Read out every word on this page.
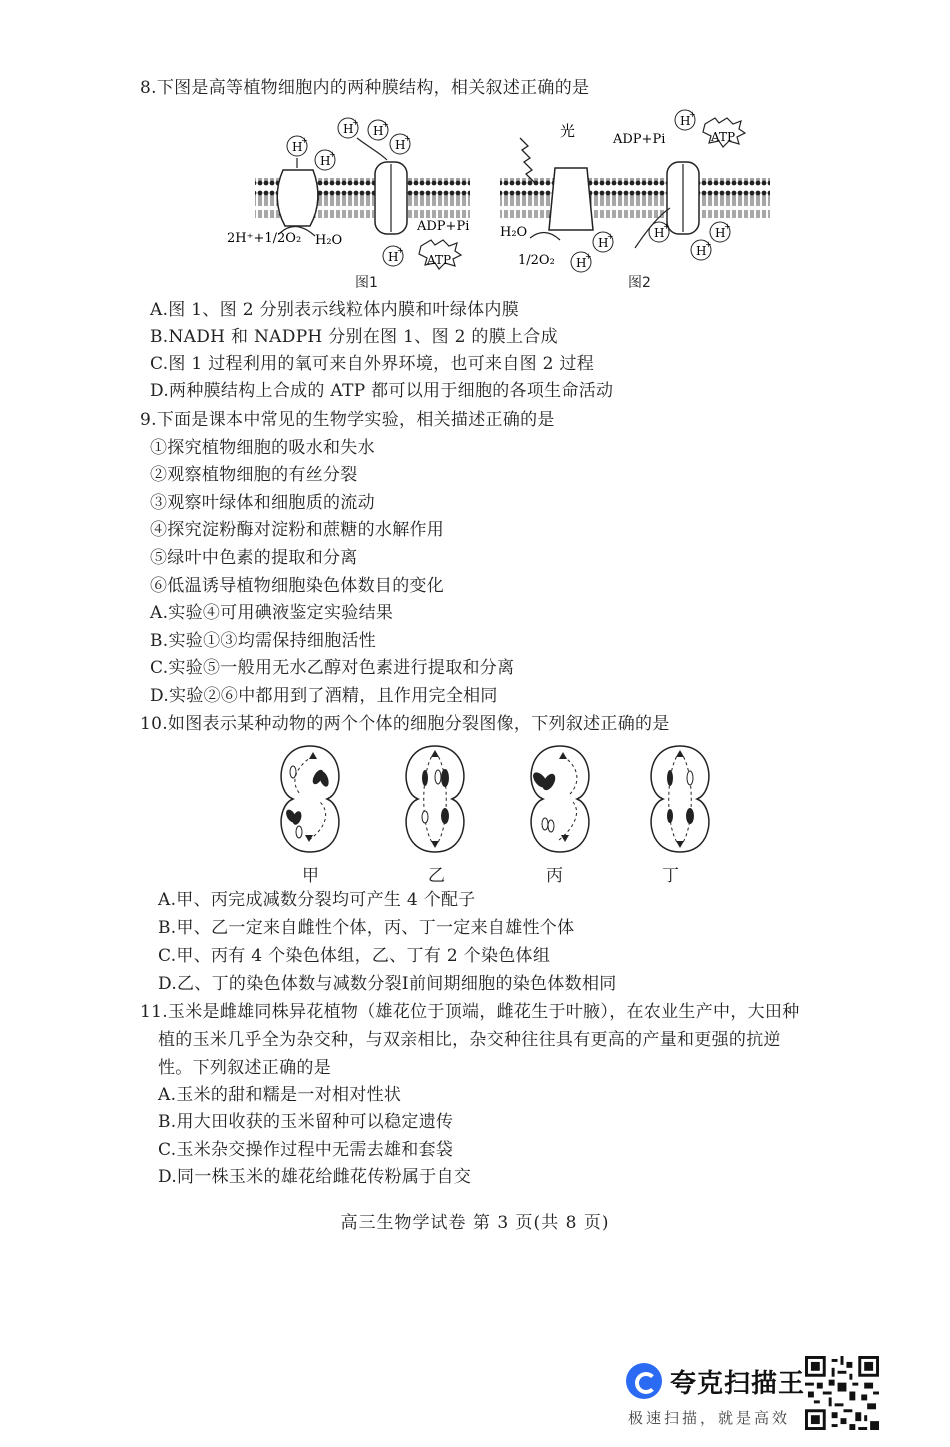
8.下图是高等植物细胞内的两种膜结构，相关叙述正确的是
H
+
H
+
H
+
H
+
H
+
H
+
2H⁺+1/2O₂ H₂O
ADP+Pi
ATP
光	ADP+Pi	ATP
H
+
H
+
H
+
H
+
H
+
H
+
H₂O
1/2O₂
图1	图2
A.图 1、图 2 分别表示线粒体内膜和叶绿体内膜
B.NADH 和 NADPH 分别在图 1、图 2 的膜上合成
C.图 1 过程利用的氧可来自外界环境，也可来自图 2 过程
D.两种膜结构上合成的 ATP 都可以用于细胞的各项生命活动
9.下面是课本中常见的生物学实验，相关描述正确的是
①探究植物细胞的吸水和失水
②观察植物细胞的有丝分裂
③观察叶绿体和细胞质的流动
④探究淀粉酶对淀粉和蔗糖的水解作用
⑤绿叶中色素的提取和分离
⑥低温诱导植物细胞染色体数目的变化
A.实验④可用碘液鉴定实验结果
B.实验①③均需保持细胞活性
C.实验⑤一般用无水乙醇对色素进行提取和分离
D.实验②⑥中都用到了酒精，且作用完全相同
10.如图表示某种动物的两个个体的细胞分裂图像，下列叙述正确的是
甲	乙	丙	丁
A.甲、丙完成减数分裂均可产生 4 个配子
B.甲、乙一定来自雌性个体，丙、丁一定来自雄性个体
C.甲、丙有 4 个染色体组，乙、丁有 2 个染色体组
D.乙、丁的染色体数与减数分裂Ⅰ前间期细胞的染色体数相同
11.玉米是雌雄同株异花植物（雄花位于顶端，雌花生于叶腋），在农业生产中，大田种
植的玉米几乎全为杂交种，与双亲相比，杂交种往往具有更高的产量和更强的抗逆
性。下列叙述正确的是
A.玉米的甜和糯是一对相对性状
B.用大田收获的玉米留种可以稳定遗传
C.玉米杂交操作过程中无需去雄和套袋
D.同一株玉米的雄花给雌花传粉属于自交
高三生物学试卷 第 3 页(共 8 页)
夸克扫描王
极速扫描，就是高效
